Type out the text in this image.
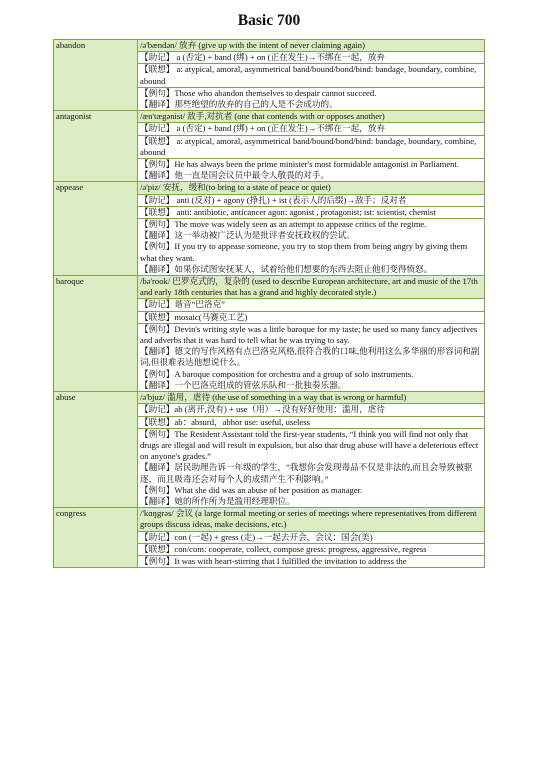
Basic 700
abandon	/ə'bændən/ 放弃 (give up with the intent of never claiming again)

	【助记】 a (否定) + band (绑) + on (正在发生)→不绑在一起，放弃

	【联想】 a: atypical, amoral, asymmetrical band/bound/bond/bind: bandage, boundary, combine, abound

	【例句】Those who abandon themselves to despair cannot succeed.
【翻译】那些绝望的放弃的自己的人是不会成功的。

antagonist	/æn'tægənist/ 敌手,对抗者 (one that contends with or opposes another)

	【助记】 a (否定) + band (绑) + on (正在发生)→不绑在一起，放弃

	【联想】 a: atypical, amoral, asymmetrical band/bound/bond/bind: bandage, boundary, combine, abound

	【例句】He has always been the prime minister's most formidable antagonist in Parliament.
【翻译】他一直是国会议员中最令人敬畏的对手。

appease	/ə'piz/ 安抚，缓和(to bring to a state of peace or quiet)

	【助记】 anti (反对) + agony (挣扎) + ist (表示人的后缀)→敌手；反对者

	【联想】 anti: antibiotic, anticancer agon: agonist , protagonist; ist: scientist, chemist

	【例句】The move was widely seen as an attempt to appease critics of the regime.
【翻译】这一举动被广泛认为是批评者安抚政权的尝试。
【例句】If you try to appease someone, you try to stop them from being angry by giving them what they want.
【翻译】如果你试图安抚某人，试着给他们想要的东西去阻止他们变得愤怒。

baroque	/bə'rook/ 巴罗克式的，复杂的 (used to describe European architecture, art and music of the 17th and early 18th centuries that has a grand and highly decorated style.)

	【助记】谐音“巴洛克”

	【联想】mosaic(马赛克工艺)

	【例句】Devin's writing style was a little baroque for my taste; he used so many fancy adjectives and adverbs that it was hard to tell what he was trying to say.
【翻译】德文的写作风格有点巴洛克风格,很符合我的口味,他利用这么多华丽的形容词和副词,但很难表达他想说什么。
【例句】A baroque composition for orchestra and a group of solo instruments.
【翻译】一个巴洛克组成的管弦乐队和一批独奏乐器。

abuse	/ə'bjuz/ 滥用，虐待 (the use of something in a way that is wrong or harmful)

	【助记】ab (离开,没有) + use（用）→没有好好使用：滥用，虐待

	【联想】ab：absurd，abhor use: useful, useless

	【例句】The Resident Assistant told the first-year students, “I think you will find not only that drugs are illegal and will result in expulsion, but also that drug abuse will have a deleterious effect on anyone's grades.”
【翻译】居民助理告诉一年级的学生，“我想你会发现毒品不仅是非法的,而且会导致被驱逐，而且吸毒还会对每个人的成绩产生不利影响。”
【例句】What she did was an abuse of her position as manager.
【翻译】她的所作所为是滥用经理职位。

congress	/'kɑŋgrəs/ 会议 (a large formal meeting or series of meetings where representatives from different groups discuss ideas, make decisions, etc.)

	【助记】con (一起) + gress (走)→一起去开会，会议；国会(美)

	【联想】con/com: cooperate, collect, compose gress: progress, aggressive, regress

	【例句】It was with heart-stirring that I fulfilled the invitation to address the
